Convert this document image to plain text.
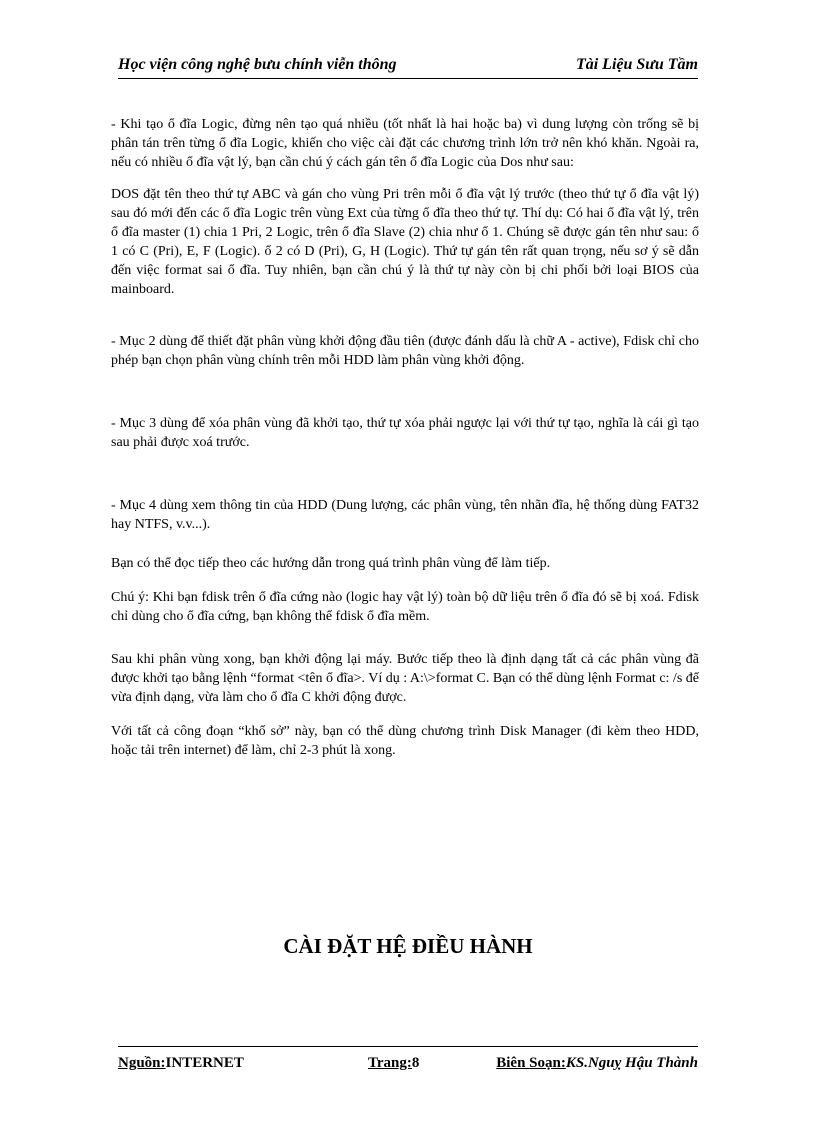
Học viện công nghệ bưu chính viễn thông	Tài Liệu Sưu Tầm

- Khi tạo ổ đĩa Logic, đừng nên tạo quá nhiều (tốt nhất là hai hoặc ba) vì dung lượng còn trống sẽ bị phân tán trên từng ổ đĩa Logic, khiến cho việc cài đặt các chương trình lớn trở nên khó khăn. Ngoài ra, nếu có nhiều ổ đĩa vật lý, bạn cần chú ý cách gán tên ổ đĩa Logic của Dos như sau:

DOS đặt tên theo thứ tự ABC và gán cho vùng Pri trên mỗi ổ đĩa vật lý trước (theo thứ tự ổ đĩa vật lý) sau đó mới đến các ổ đĩa Logic trên vùng Ext của từng ổ đĩa theo thứ tự. Thí dụ: Có hai ổ đĩa vật lý, trên ổ đĩa master (1) chia 1 Pri, 2 Logic, trên ổ đĩa Slave (2) chia như ổ 1. Chúng sẽ được gán tên như sau: ổ 1 có C (Pri), E, F (Logic). ổ 2 có D (Pri), G, H (Logic). Thứ tự gán tên rất quan trọng, nếu sơ ý sẽ dẫn đến việc format sai ổ đĩa. Tuy nhiên, bạn cần chú ý là thứ tự này còn bị chi phối bởi loại BIOS của mainboard.

- Mục 2 dùng để thiết đặt phân vùng khởi động đầu tiên (được đánh dấu là chữ A - active), Fdisk chỉ cho phép bạn chọn phân vùng chính trên mỗi HDD làm phân vùng khởi động.

- Mục 3 dùng để xóa phân vùng đã khởi tạo, thứ tự xóa phải ngược lại với thứ tự tạo, nghĩa là cái gì tạo sau phải được xoá trước.

- Mục 4 dùng xem thông tin của HDD (Dung lượng, các phân vùng, tên nhãn đĩa, hệ thống dùng FAT32 hay NTFS, v.v...).

Bạn có thể đọc tiếp theo các hướng dẫn trong quá trình phân vùng để làm tiếp.

Chú ý: Khi bạn fdisk trên ổ đĩa cứng nào (logic hay vật lý) toàn bộ dữ liệu trên ổ đĩa đó sẽ bị xoá. Fdisk chỉ dùng cho ổ đĩa cứng, bạn không thể fdisk ổ đĩa mềm.

Sau khi phân vùng xong, bạn khởi động lại máy. Bước tiếp theo là định dạng tất cả các phân vùng đã được khởi tạo bằng lệnh “format <tên ổ đĩa>. Ví dụ : A:\>format C. Bạn có thể dùng lệnh Format c: /s để vừa định dạng, vừa làm cho ổ đĩa C khởi động được.

Với tất cả công đoạn “khổ sở” này, bạn có thể dùng chương trình Disk Manager (đi kèm theo HDD, hoặc tải trên internet) để làm, chỉ 2-3 phút là xong.

CÀI ĐẶT HỆ ĐIỀU HÀNH
Nguồn:INTERNET	Trang:8	Biên Soạn:KS.Nguỵ Hậu Thành
